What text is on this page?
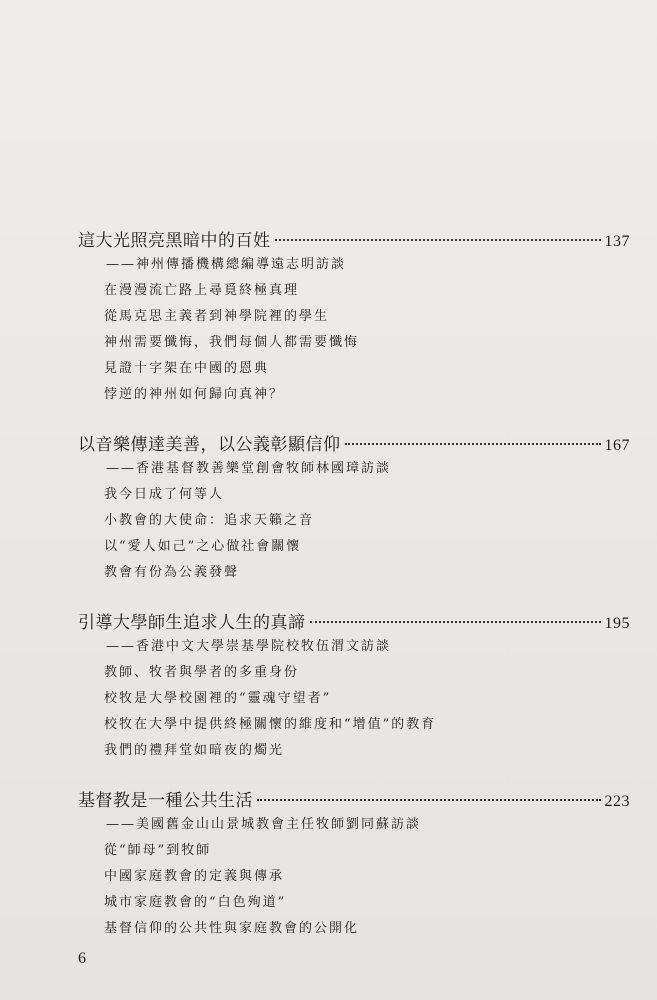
這大光照亮黑暗中的百姓	137
——神州傳播機構總編導遠志明訪談
在漫漫流亡路上尋覓終極真理
從馬克思主義者到神學院裡的學生
神州需要懺悔，我們每個人都需要懺悔
見證十字架在中國的恩典
悖逆的神州如何歸向真神？
以音樂傳達美善，以公義彰顯信仰	167
——香港基督教善樂堂創會牧師林國璋訪談
我今日成了何等人
小教會的大使命：追求天籟之音
以“愛人如己”之心做社會關懷
教會有份為公義發聲
引導大學師生追求人生的真諦	195
——香港中文大學崇基學院校牧伍渭文訪談
教師、牧者與學者的多重身份
校牧是大學校園裡的“靈魂守望者”
校牧在大學中提供終極關懷的維度和“增值”的教育
我們的禮拜堂如暗夜的燭光
基督教是一種公共生活	223
——美國舊金山山景城教會主任牧師劉同蘇訪談
從“師母”到牧師
中國家庭教會的定義與傳承
城市家庭教會的“白色殉道”
基督信仰的公共性與家庭教會的公開化
6
